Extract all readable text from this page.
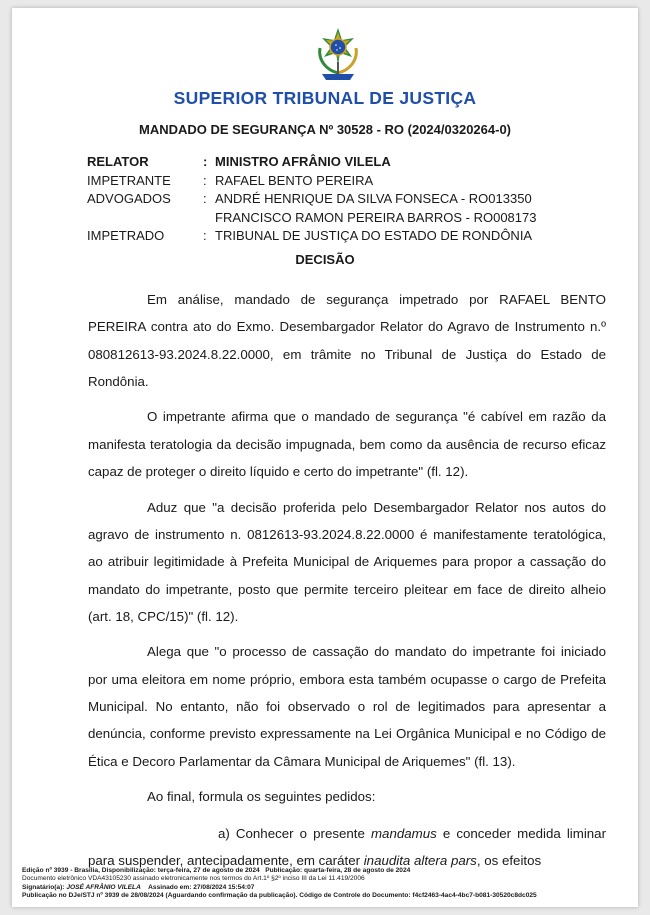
SUPERIOR TRIBUNAL DE JUSTIÇA
MANDADO DE SEGURANÇA Nº 30528 - RO (2024/0320264-0)
RELATOR	: MINISTRO AFRÂNIO VILELA
IMPETRANTE	: RAFAEL BENTO PEREIRA
ADVOGADOS	: ANDRÉ HENRIQUE DA SILVA FONSECA - RO013350
FRANCISCO RAMON PEREIRA BARROS - RO008173
IMPETRADO	: TRIBUNAL DE JUSTIÇA DO ESTADO DE RONDÔNIA
DECISÃO

Em análise, mandado de segurança impetrado por RAFAEL BENTO PEREIRA contra ato do Exmo. Desembargador Relator do Agravo de Instrumento n.º 080812613-93.2024.8.22.0000, em trâmite no Tribunal de Justiça do Estado de Rondônia.

O impetrante afirma que o mandado de segurança "é cabível em razão da manifesta teratologia da decisão impugnada, bem como da ausência de recurso eficaz capaz de proteger o direito líquido e certo do impetrante" (fl. 12).

Aduz que "a decisão proferida pelo Desembargador Relator nos autos do agravo de instrumento n. 0812613-93.2024.8.22.0000 é manifestamente teratológica, ao atribuir legitimidade à Prefeita Municipal de Ariquemes para propor a cassação do mandato do impetrante, posto que permite terceiro pleitear em face de direito alheio (art. 18, CPC/15)" (fl. 12).

Alega que "o processo de cassação do mandato do impetrante foi iniciado por uma eleitora em nome próprio, embora esta também ocupasse o cargo de Prefeita Municipal. No entanto, não foi observado o rol de legitimados para apresentar a denúncia, conforme previsto expressamente na Lei Orgânica Municipal e no Código de Ética e Decoro Parlamentar da Câmara Municipal de Ariquemes" (fl. 13).

Ao final, formula os seguintes pedidos:

a) Conhecer o presente mandamus e conceder medida liminar para suspender, antecipadamente, em caráter inaudita altera pars, os efeitos

Edição nº 3939 - Brasília, Disponibilização: terça-feira, 27 de agosto de 2024 Publicação: quarta-feira, 28 de agosto de 2024
Documento eletrônico VDA43105230 assinado eletronicamente nos termos do Art.1º §2º inciso III da Lei 11.419/2006
Signatário(a): JOSÉ AFRÂNIO VILELA Assinado em: 27/08/2024 15:54:07
Publicação no DJe/STJ nº 3939 de 28/08/2024 (Aguardando confirmação da publicação). Código de Controle do Documento: f4cf2463-4ac4-4bc7-b081-30520c8dc025
